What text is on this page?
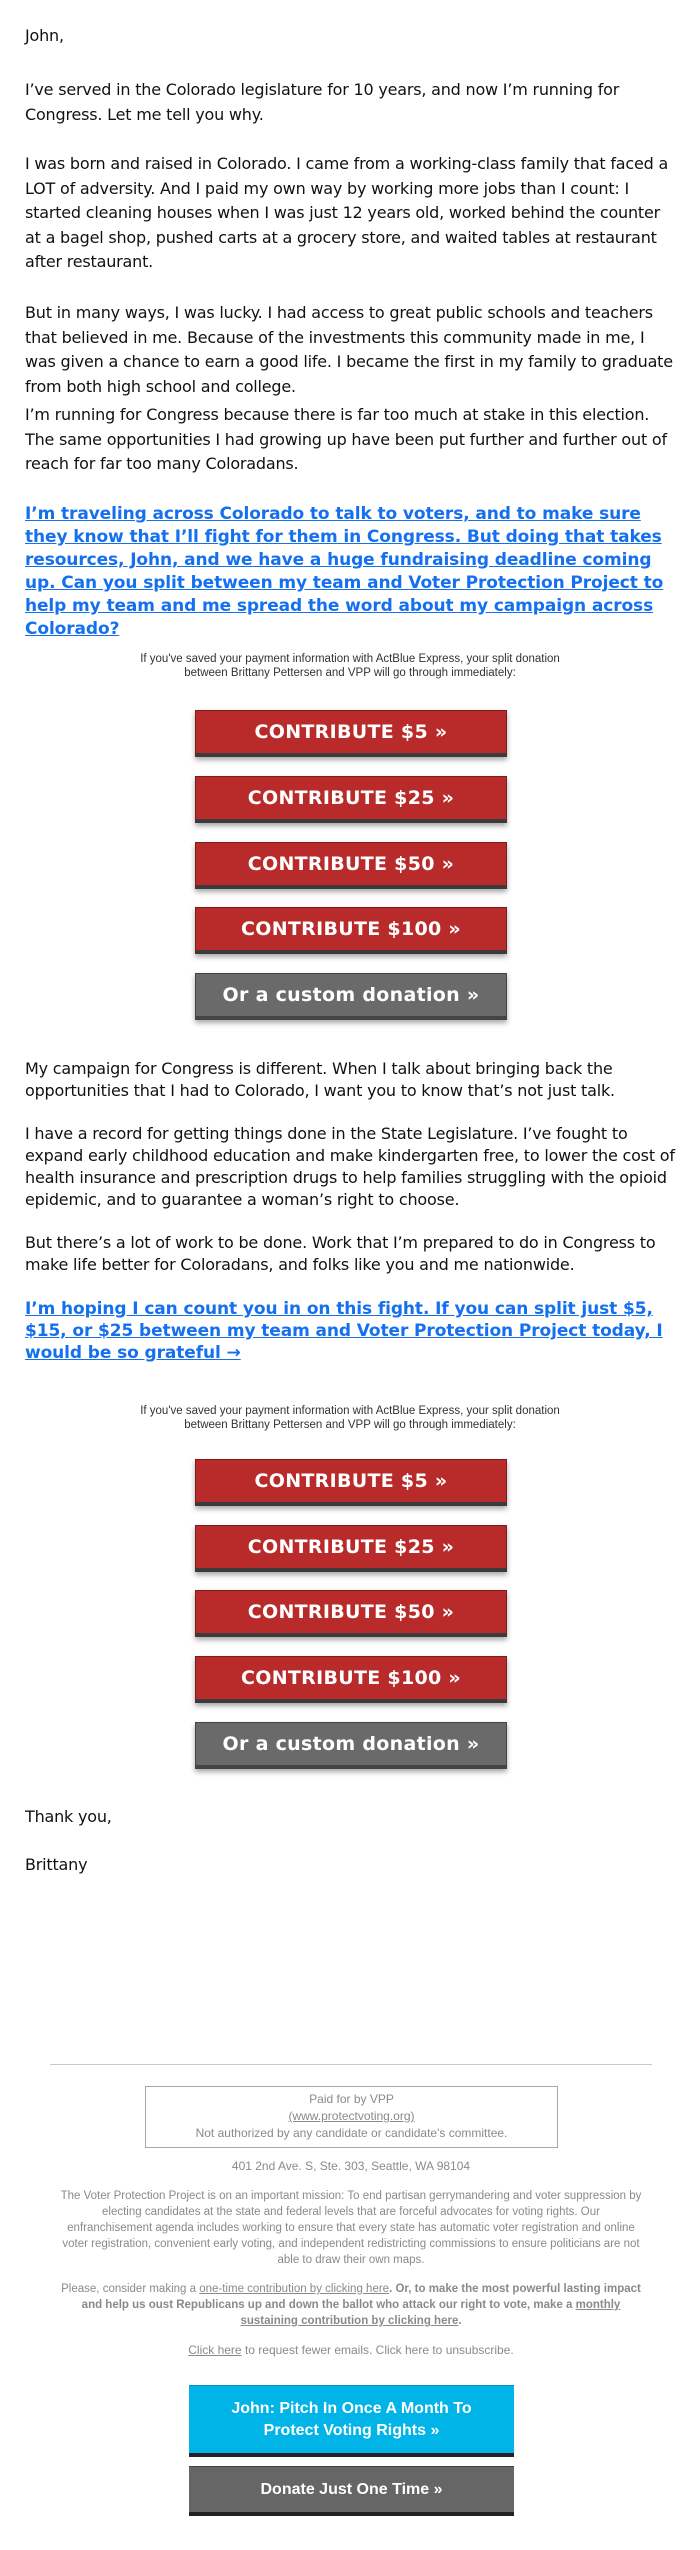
John,
I’ve served in the Colorado legislature for 10 years, and now I’m running for Congress. Let me tell you why.
I was born and raised in Colorado. I came from a working-class family that faced a LOT of adversity. And I paid my own way by working more jobs than I count: I started cleaning houses when I was just 12 years old, worked behind the counter at a bagel shop, pushed carts at a grocery store, and waited tables at restaurant after restaurant.
But in many ways, I was lucky. I had access to great public schools and teachers that believed in me. Because of the investments this community made in me, I was given a chance to earn a good life. I became the first in my family to graduate from both high school and college.
I’m running for Congress because there is far too much at stake in this election. The same opportunities I had growing up have been put further and further out of reach for far too many Coloradans.
I’m traveling across Colorado to talk to voters, and to make sure they know that I’ll fight for them in Congress. But doing that takes resources, John, and we have a huge fundraising deadline coming up. Can you split between my team and Voter Protection Project to help my team and me spread the word about my campaign across Colorado?
If you've saved your payment information with ActBlue Express, your split donation between Brittany Pettersen and VPP will go through immediately:
CONTRIBUTE $5 »
CONTRIBUTE $25 »
CONTRIBUTE $50 »
CONTRIBUTE $100 »
Or a custom donation »
My campaign for Congress is different. When I talk about bringing back the opportunities that I had to Colorado, I want you to know that’s not just talk.
I have a record for getting things done in the State Legislature. I’ve fought to expand early childhood education and make kindergarten free, to lower the cost of health insurance and prescription drugs to help families struggling with the opioid epidemic, and to guarantee a woman’s right to choose.
But there’s a lot of work to be done. Work that I’m prepared to do in Congress to make life better for Coloradans, and folks like you and me nationwide.
I’m hoping I can count you in on this fight. If you can split just $5, $15, or $25 between my team and Voter Protection Project today, I would be so grateful →
If you've saved your payment information with ActBlue Express, your split donation between Brittany Pettersen and VPP will go through immediately:
CONTRIBUTE $5 »
CONTRIBUTE $25 »
CONTRIBUTE $50 »
CONTRIBUTE $100 »
Or a custom donation »
Thank you,
Brittany
Paid for by VPP
(www.protectvoting.org)
Not authorized by any candidate or candidate's committee.
401 2nd Ave. S, Ste. 303, Seattle, WA 98104
The Voter Protection Project is on an important mission: To end partisan gerrymandering and voter suppression by electing candidates at the state and federal levels that are forceful advocates for voting rights. Our enfranchisement agenda includes working to ensure that every state has automatic voter registration and online voter registration, convenient early voting, and independent redistricting commissions to ensure politicians are not able to draw their own maps.
Please, consider making a one-time contribution by clicking here. Or, to make the most powerful lasting impact and help us oust Republicans up and down the ballot who attack our right to vote, make a monthly sustaining contribution by clicking here.
Click here to request fewer emails. Click here to unsubscribe.
John: Pitch In Once A Month To Protect Voting Rights »
Donate Just One Time »
